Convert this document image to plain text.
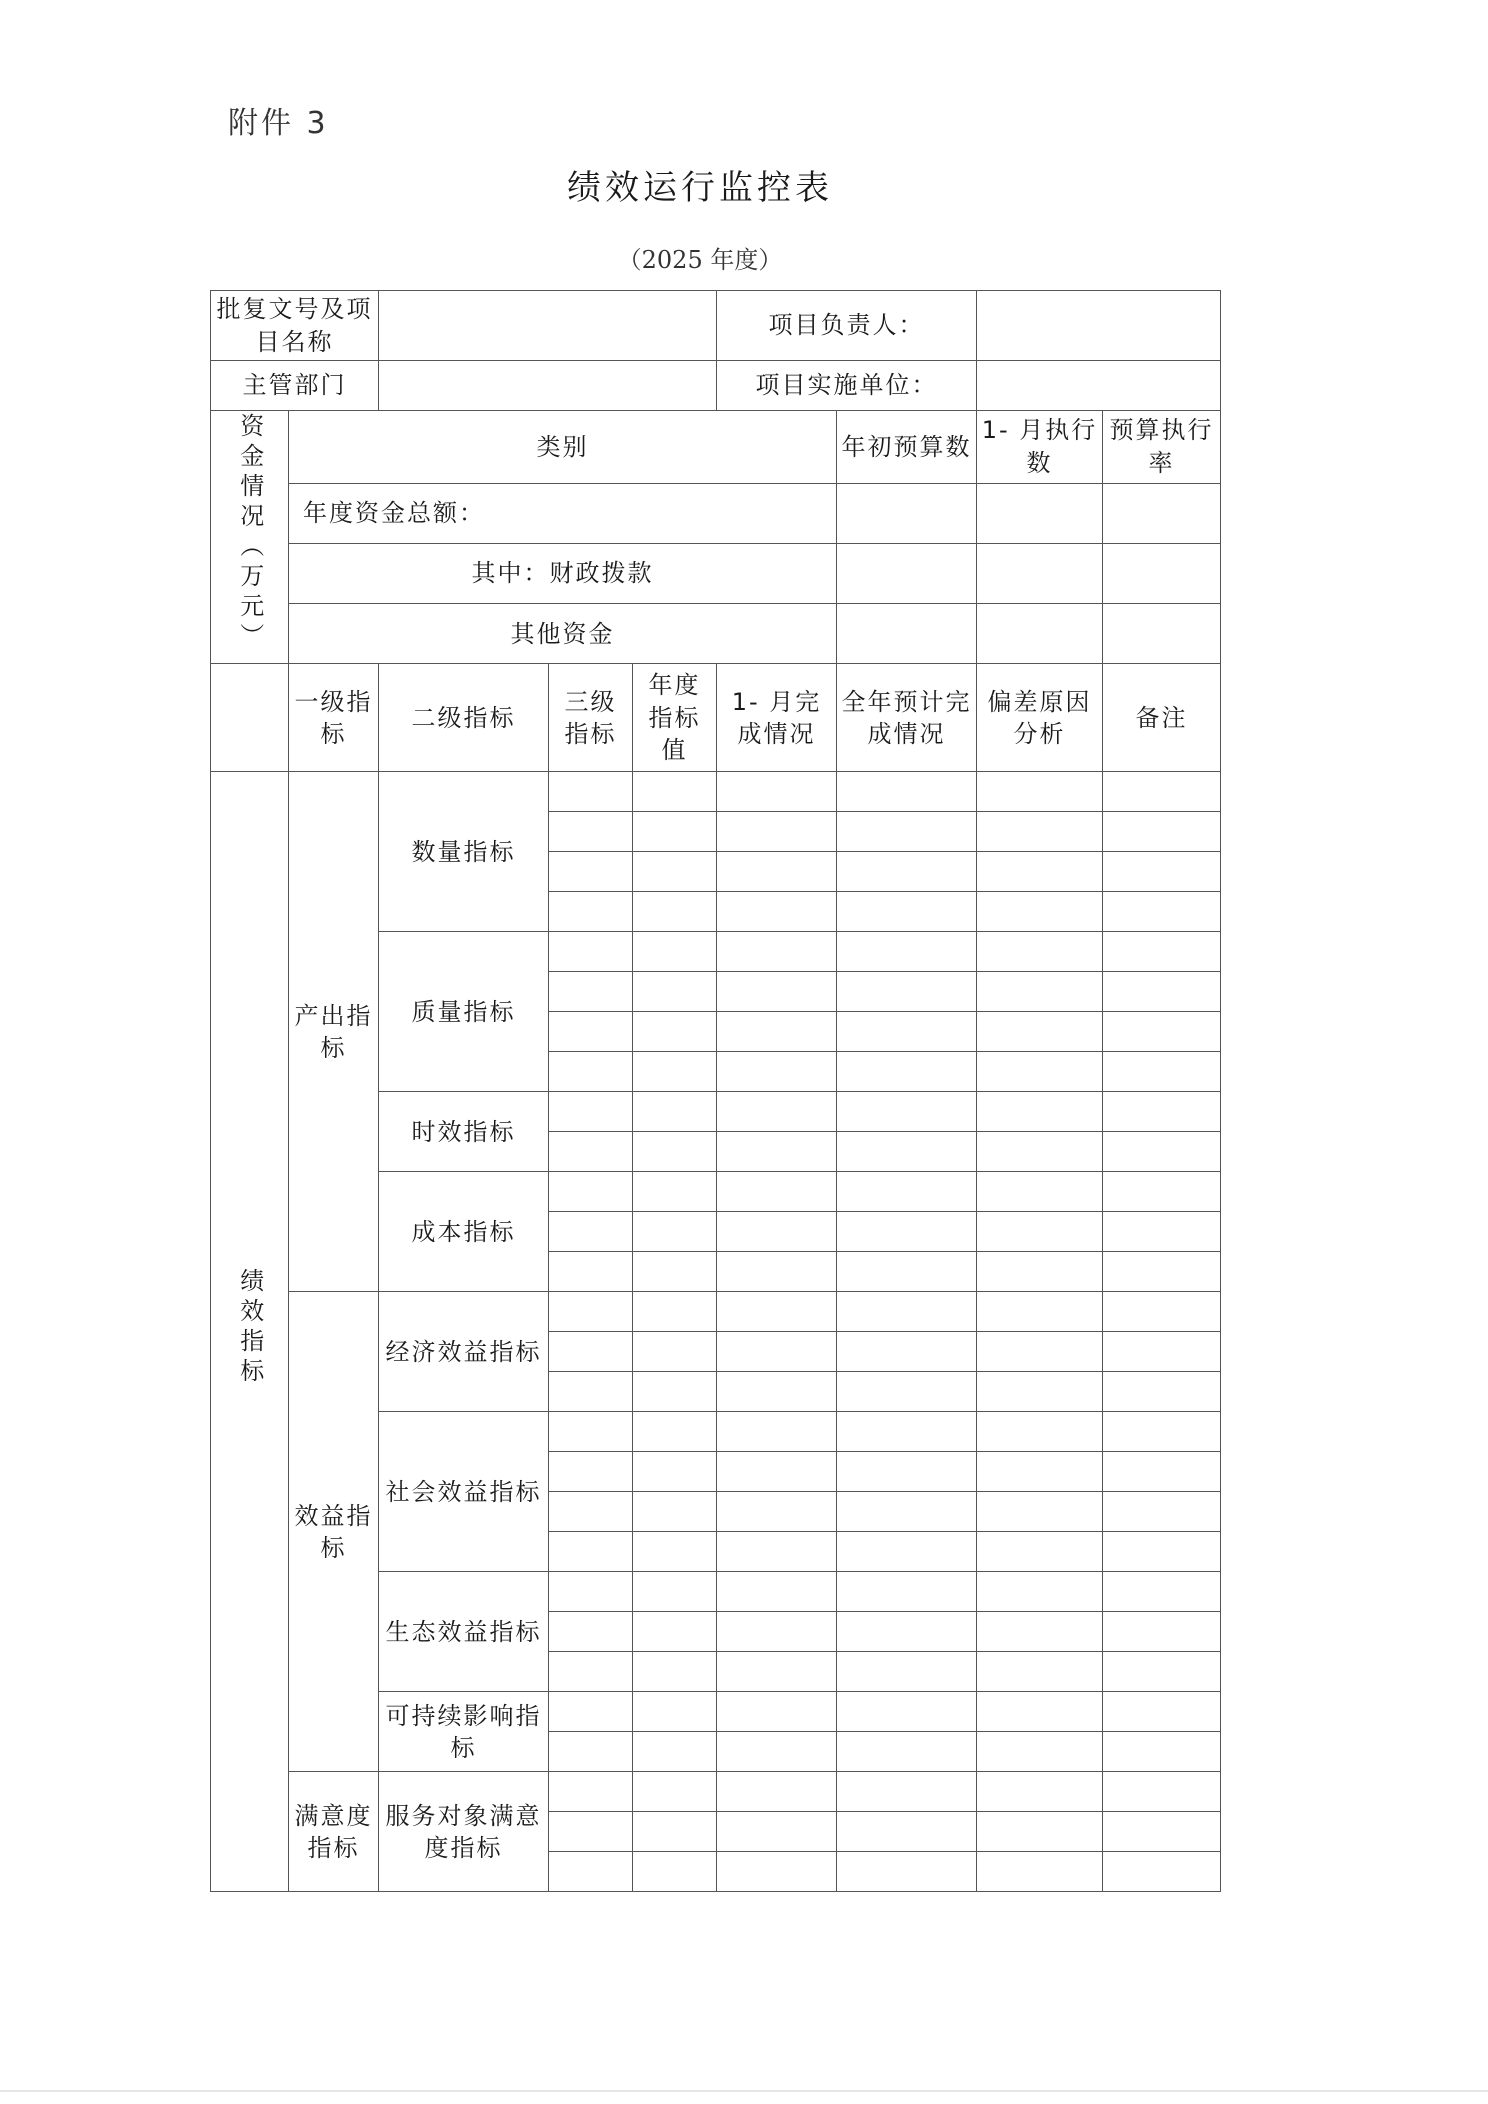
附件 3
绩效运行监控表
（2025 年度）
批复文号及项目名称					项目负责人：			
主管部门					项目实施单位：			
资金情况（万元）	类别					年初预算数	1- 月执行数	预算执行率
	年度资金总额：							
	其中：财政拨款							
	其他资金							
	一级指标	二级指标	三级指标	年度指标值	1- 月完成情况	全年预计完成情况	偏差原因分析	备注
绩效指标	产出指标	数量指标						

		质量指标						

		时效指标						

		成本指标						

	效益指标	经济效益指标						

		社会效益指标						

		生态效益指标						

		可持续影响指标						

	满意度指标	服务对象满意度指标						
